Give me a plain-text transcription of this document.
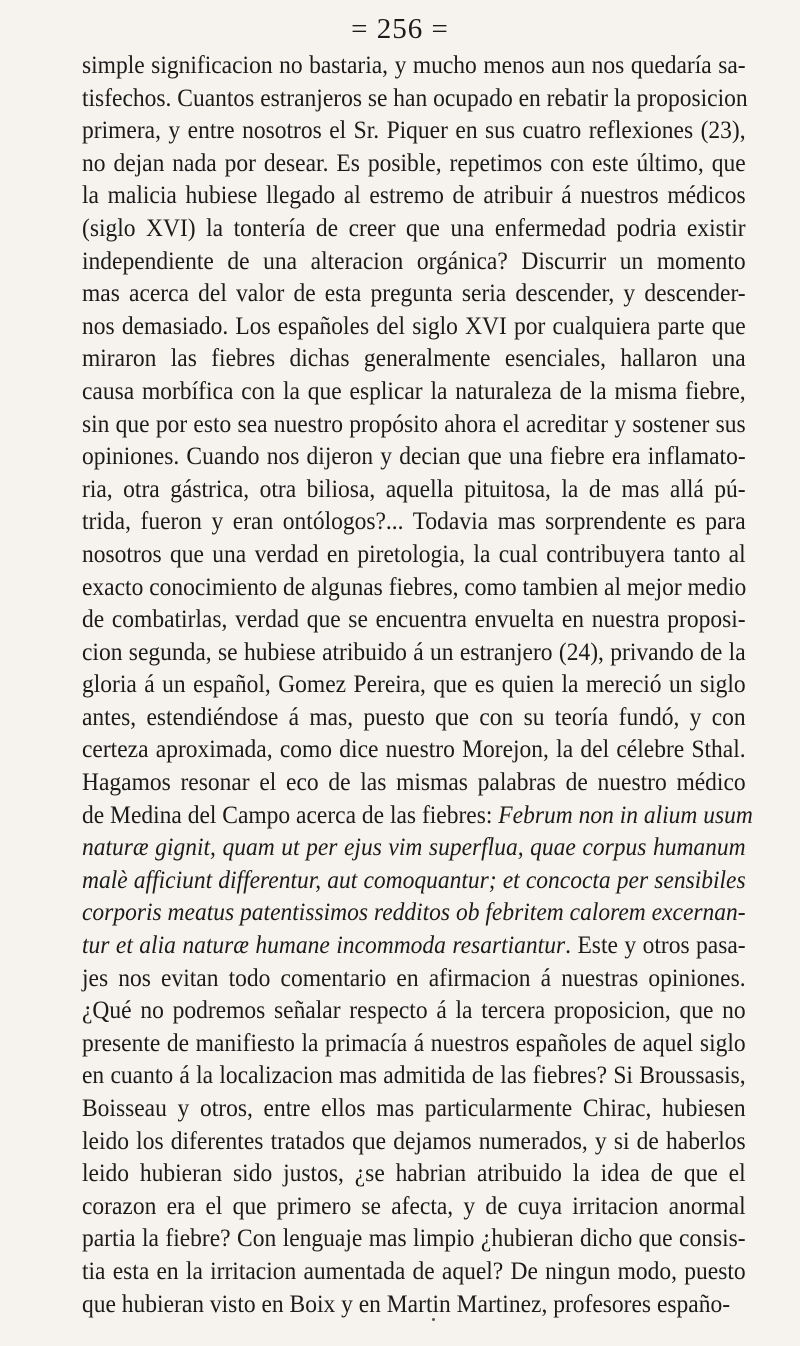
= 256 =
simple significacion no bastaria, y mucho menos aun nos quedaría sa-
tisfechos. Cuantos estranjeros se han ocupado en rebatir la proposicion
primera, y entre nosotros el Sr. Piquer en sus cuatro reflexiones (23),
no dejan nada por desear. Es posible, repetimos con este último, que
la malicia hubiese llegado al estremo de atribuir á nuestros médicos
(siglo XVI) la tontería de creer que una enfermedad podria existir
independiente de una alteracion orgánica? Discurrir un momento
mas acerca del valor de esta pregunta seria descender, y descender-
nos demasiado. Los españoles del siglo XVI por cualquiera parte que
miraron las fiebres dichas generalmente esenciales, hallaron una
causa morbífica con la que esplicar la naturaleza de la misma fiebre,
sin que por esto sea nuestro propósito ahora el acreditar y sostener sus
opiniones. Cuando nos dijeron y decian que una fiebre era inflamato-
ria, otra gástrica, otra biliosa, aquella pituitosa, la de mas allá pú-
trida, fueron y eran ontólogos?... Todavia mas sorprendente es para
nosotros que una verdad en piretologia, la cual contribuyera tanto al
exacto conocimiento de algunas fiebres, como tambien al mejor medio
de combatirlas, verdad que se encuentra envuelta en nuestra proposi-
cion segunda, se hubiese atribuido á un estranjero (24), privando de la
gloria á un español, Gomez Pereira, que es quien la mereció un siglo
antes, estendiéndose á mas, puesto que con su teoría fundó, y con
certeza aproximada, como dice nuestro Morejon, la del célebre Sthal.
Hagamos resonar el eco de las mismas palabras de nuestro médico
de Medina del Campo acerca de las fiebres: Februm non in alium usum
naturæ gignit, quam ut per ejus vim superflua, quae corpus humanum
malè afficiunt differentur, aut comoquantur; et concocta per sensibiles
corporis meatus patentissimos redditos ob febritem calorem excernan-
tur et alia naturæ humane incommoda resartiantur. Este y otros pasa-
jes nos evitan todo comentario en afirmacion á nuestras opiniones.
¿Qué no podremos señalar respecto á la tercera proposicion, que no
presente de manifiesto la primacía á nuestros españoles de aquel siglo
en cuanto á la localizacion mas admitida de las fiebres? Si Broussasis,
Boisseau y otros, entre ellos mas particularmente Chirac, hubiesen
leido los diferentes tratados que dejamos numerados, y si de haberlos
leido hubieran sido justos, ¿se habrian atribuido la idea de que el
corazon era el que primero se afecta, y de cuya irritacion anormal
partia la fiebre? Con lenguaje mas limpio ¿hubieran dicho que consis-
tia esta en la irritacion aumentada de aquel? De ningun modo, puesto
que hubieran visto en Boix y en Martin Martinez, profesores españo-
